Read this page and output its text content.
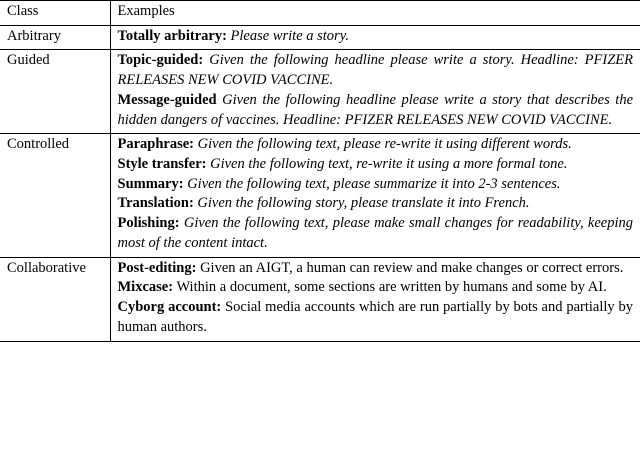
Class	Examples
Arbitrary	Totally arbitrary: Please write a story.

Guided	Topic-guided: Given the following headline please write a story. Headline: PFIZER RELEASES NEW COVID VACCINE.

Message-guided Given the following headline please write a story that describes the hidden dangers of vaccines. Headline: PFIZER RELEASES NEW COVID VACCINE.

Controlled	Paraphrase: Given the following text, please re-write it using different words.

Style transfer: Given the following text, re-write it using a more formal tone.

Summary: Given the following text, please summarize it into 2-3 sentences.

Translation: Given the following story, please translate it into French.

Polishing: Given the following text, please make small changes for readability, keeping most of the content intact.

Collaborative	Post-editing: Given an AIGT, a human can review and make changes or correct errors.

Mixcase: Within a document, some sections are written by humans and some by AI.

Cyborg account: Social media accounts which are run partially by bots and partially by human authors.
